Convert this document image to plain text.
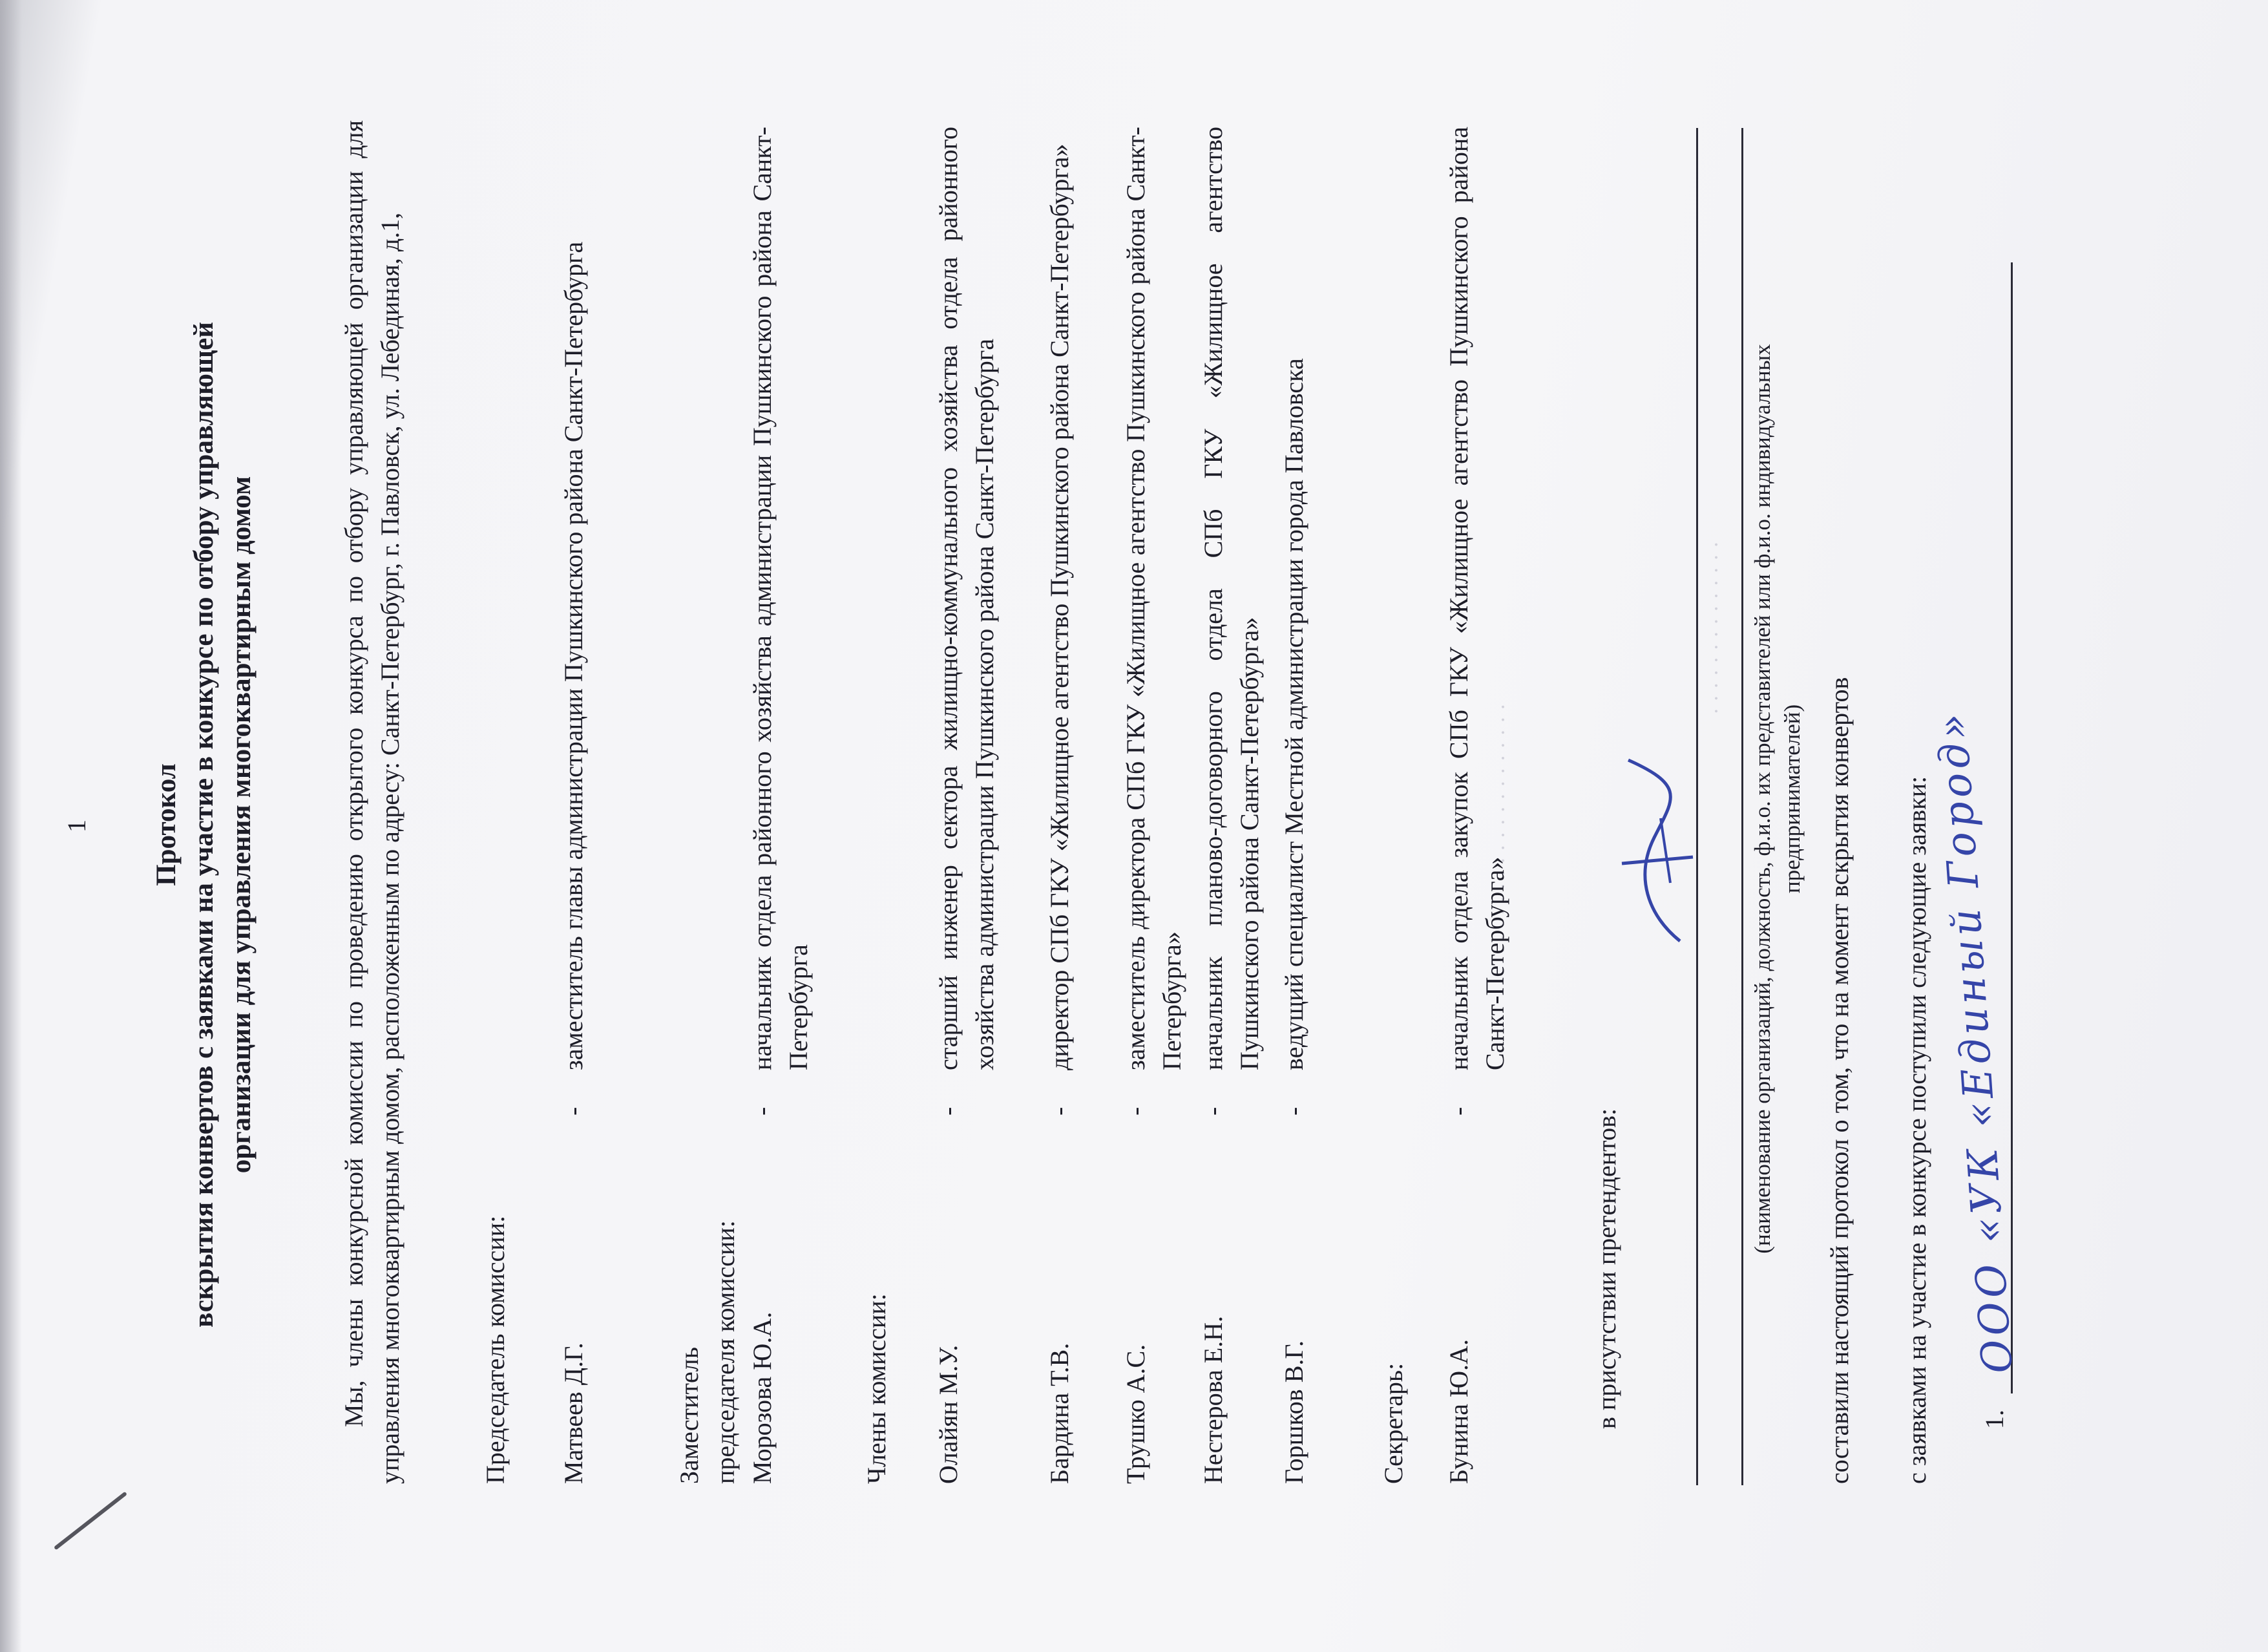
· · · · · · · · · · · · · · · · · · · ·
· · · · · · · · · · · · · ·
1 Протокол вскрытия конвертов с заявками на участие в конкурсе по отбору управляющей организации для управления многоквартирным домом	Мы, члены конкурсной комиссии по проведению открытого конкурса по отбору управляющей организации для управления многоквартирным домом, расположенным по адресу: Санкт-Петербург, г. Павловск, ул. Лебединая, д.1,	Председатель комиссии: Матвеев Д.Г.
-
заместитель главы администрации Пушкинского района Санкт-Петербурга
Заместитель председателя комиссии: Морозова Ю.А.
-
начальник отдела районного хозяйства администрации Пушкинского района Санкт-Петербурга
Члены комиссии: Олайян М.У.
-
старший инженер сектора жилищно-коммунального хозяйства отдела районного хозяйства администрации Пушкинского района Санкт-Петербурга
Бардина Т.В.
-
директор СПб ГКУ «Жилищное агентство Пушкинского района Санкт-Петербурга»
Трушко А.С.
-
заместитель директора СПб ГКУ «Жилищное агентство Пушкинского района Санкт-Петербурга»
Нестерова Е.Н.
-
начальник планово-договорного отдела СПб ГКУ «Жилищное агентство Пушкинского района Санкт-Петербурга»
Горшков В.Г.
-
ведущий специалист Местной администрации города Павловска
Секретарь: Бунина Ю.А.
-
начальник отдела закупок СПб ГКУ «Жилищное агентство Пушкинского района Санкт-Петербурга»
в присутствии претендентов:
(наименование организаций, должность, ф.и.о. их представителей или ф.и.о. индивидуальных предпринимателей) составили настоящий протокол о том, что на момент вскрытия конвертов с заявками на участие в конкурсе поступили следующие заявки: 1.
ООО «УК «Единый Город»
